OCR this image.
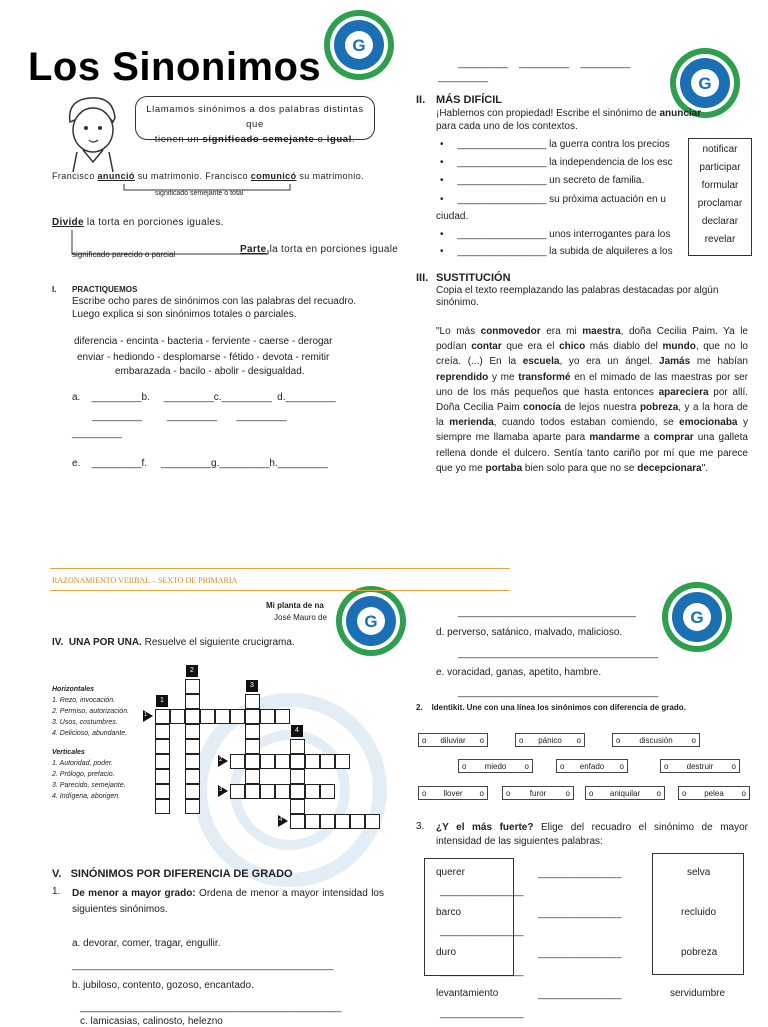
G
G
G	G
Los Sinonimos
Llamamos sinónimos a dos palabras distintas que
tienen un significado semejante o igual.
Francisco anunció su matrimonio. Francisco comunicó su matrimonio.
significado semejante o total
Divide la torta en porciones iguales.
significado parecido o parcial	Parte la torta en porciones iguale
I. PRACTIQUEMOS
Escribe ocho pares de sinónimos con las palabras del recuadro.
Luego explica si son sinónimos totales o parciales.
diferencia - encinta - bacteria - ferviente - caerse - derogar
enviar - hediondo - desplomarse - fétido - devota - remitir
embarazada - bacilo - abolir - desigualdad.
a.    _________b.     _________c._________  d._________
_________         _________       _________
_________
e.    _________f.     _________g._________h._________
_________    _________    _________
_________
II. MÁS DIFÍCIL
¡Hablemos con propiedad! Escribe el sinónimo de anunciar
para cada uno de los contextos.
•     ________________ la guerra contra los precios
•     ________________ la independencia de los esc
•     ________________ un secreto de familia.
•     ________________ su próxima actuación en u
ciudad.
•     ________________ unos interrogantes para los
•     ________________ la subida de alquileres a los
notificar
participar
formular
proclamar
declarar
revelar
III. SUSTITUCIÓN
Copia el texto reemplazando las palabras destacadas por algún sinónimo.
"Lo más conmovedor era mi maestra, doña Cecilia Paim. Ya le podían contar que era el chico más diablo del mundo, que no lo creía. (...) En la escuela, yo era un ángel. Jamás me habían reprendido y me transformé en el mimado de las maestras por ser uno de los más pequeños que hasta entonces apareciera por allí. Doña Cecilia Paim conocía de lejos nuestra pobreza, y a la hora de la merienda, cuando todos estaban comiendo, se emocionaba y siempre me llamaba aparte para mandarme a comprar una galleta rellena donde el dulcero. Sentía tanto cariño por mí que me parece que yo me portaba bien solo para que no se decepcionara".
RAZONAMIENTO VERBAL – SEXTO DE PRIMARIA
Mi planta de na
José Mauro de
IV. UNA POR UNA. Resuelve el siguiente crucigrama.
Horizontales
1. Rezo, invocación.
2. Permiso, autorización.
3. Usos, costumbres.
4. Delicioso, abundante.
Verticales
1. Autoridad, poder.
2. Prólogo, prefacio.
3. Parecido, semejante.
4. Indígena, aborigen.
1
2
3
4
1
2
3
4
V. SINÓNIMOS POR DIFERENCIA DE GRADO
1. De menor a mayor grado: Ordena de menor a mayor intensidad los siguientes sinónimos.
a. devorar, comer, tragar, engullir.
_______________________________________________
b. jubiloso, contento, gozoso, encantado.
_______________________________________________
c. lamicasias, calinosto, helezno
________________________________
d. perverso, satánico, malvado, malicioso.
____________________________________
e. voracidad, ganas, apetito, hambre.
____________________________________
2. Identikit. Une con una línea los sinónimos con diferencia de grado.
o diluviar o	o pánico o	o discusión o
o miedo o	o enfado o	o destruir o
o llover o	o furor o o aniquilar o	o pelea o
3. ¿Y el más fuerte? Elige del recuadro el sinónimo de mayor intensidad de las siguientes palabras:
querer	_______________	selva
_______________
barco	_______________	recluido
_______________
duro	_______________	pobreza
_______________
levantamiento	_______________	servidumbre
_______________
